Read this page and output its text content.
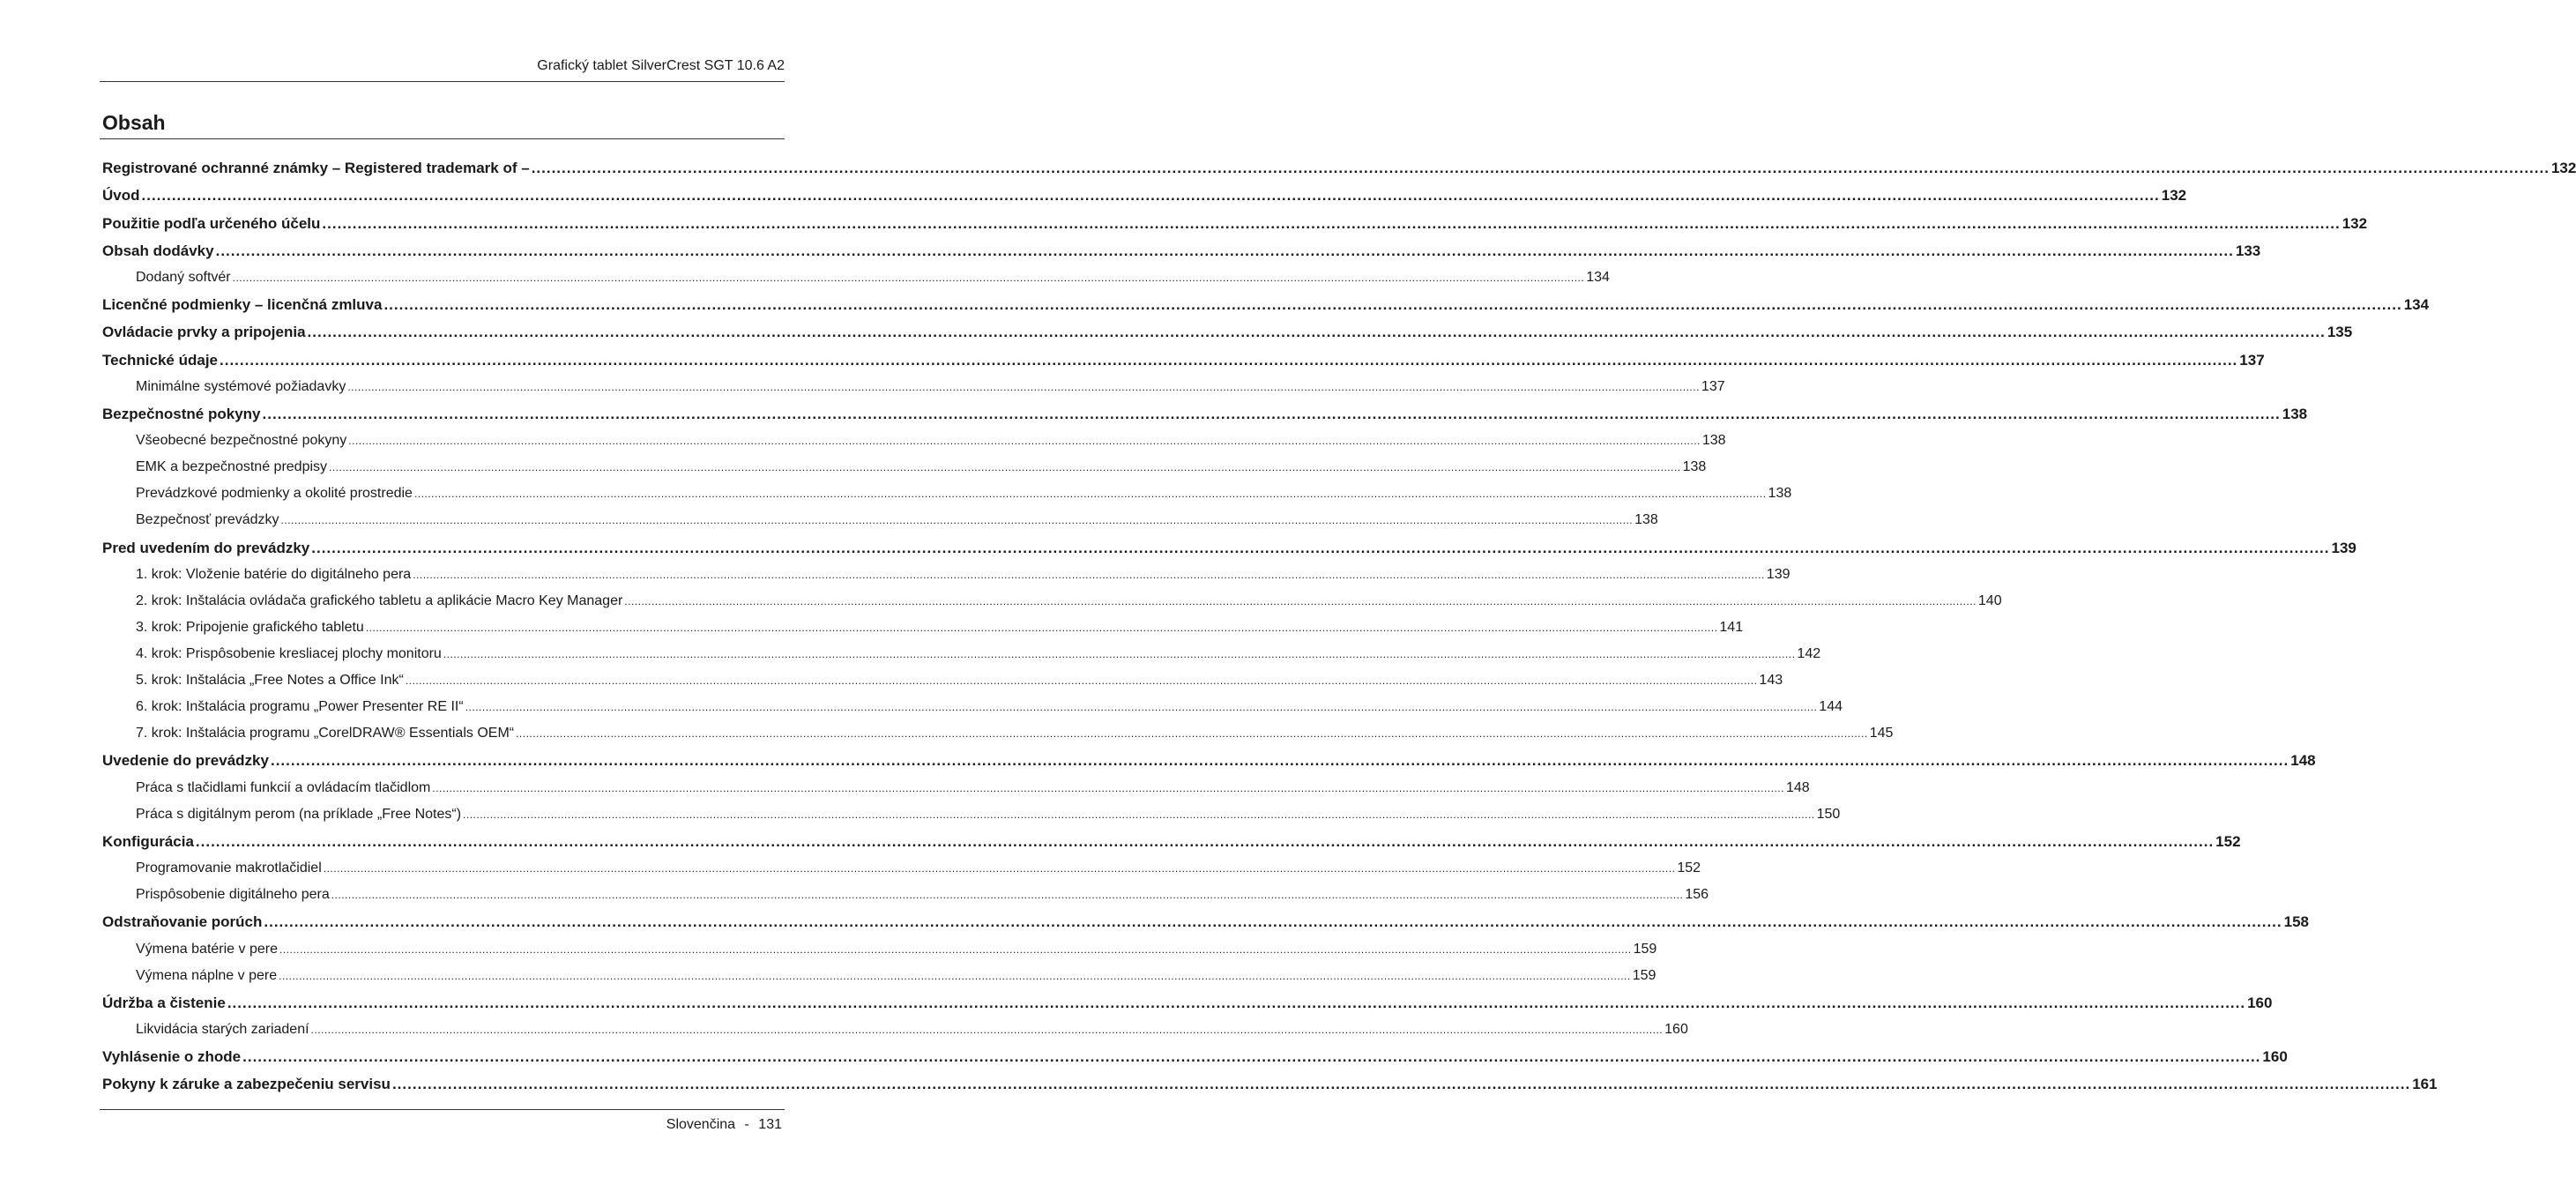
Grafický tablet SilverCrest SGT 10.6 A2
Obsah
Registrované ochranné známky – Registered trademark of – ................................................................................................................................................................................................................................................................................................................................................................................................................ 132
Úvod ................................................................................................................................................................................................................................................................................................................................................................................................................ 132
Použitie podľa určeného účelu ................................................................................................................................................................................................................................................................................................................................................................................................................ 132
Obsah dodávky ................................................................................................................................................................................................................................................................................................................................................................................................................ 133
Dodaný softvér ................................................................................................................................................................................................................................................................................................................................................................................................................ 134
Licenčné podmienky – licenčná zmluva ................................................................................................................................................................................................................................................................................................................................................................................................................ 134
Ovládacie prvky a pripojenia ................................................................................................................................................................................................................................................................................................................................................................................................................ 135
Technické údaje ................................................................................................................................................................................................................................................................................................................................................................................................................ 137
Minimálne systémové požiadavky ................................................................................................................................................................................................................................................................................................................................................................................................................ 137
Bezpečnostné pokyny ................................................................................................................................................................................................................................................................................................................................................................................................................ 138
Všeobecné bezpečnostné pokyny ................................................................................................................................................................................................................................................................................................................................................................................................................ 138
EMK a bezpečnostné predpisy ................................................................................................................................................................................................................................................................................................................................................................................................................ 138
Prevádzkové podmienky a okolité prostredie ................................................................................................................................................................................................................................................................................................................................................................................................................ 138
Bezpečnosť prevádzky ................................................................................................................................................................................................................................................................................................................................................................................................................ 138
Pred uvedením do prevádzky ................................................................................................................................................................................................................................................................................................................................................................................................................ 139
1. krok: Vloženie batérie do digitálneho pera ................................................................................................................................................................................................................................................................................................................................................................................................................ 139
2. krok: Inštalácia ovládača grafického tabletu a aplikácie Macro Key Manager ................................................................................................................................................................................................................................................................................................................................................................................................................ 140
3. krok: Pripojenie grafického tabletu ................................................................................................................................................................................................................................................................................................................................................................................................................ 141
4. krok: Prispôsobenie kresliacej plochy monitoru ................................................................................................................................................................................................................................................................................................................................................................................................................ 142
5. krok: Inštalácia „Free Notes a Office Ink“ ................................................................................................................................................................................................................................................................................................................................................................................................................ 143
6. krok: Inštalácia programu „Power Presenter RE II“ ................................................................................................................................................................................................................................................................................................................................................................................................................ 144
7. krok: Inštalácia programu „CorelDRAW® Essentials OEM“ ................................................................................................................................................................................................................................................................................................................................................................................................................ 145
Uvedenie do prevádzky ................................................................................................................................................................................................................................................................................................................................................................................................................ 148
Práca s tlačidlami funkcií a ovládacím tlačidlom ................................................................................................................................................................................................................................................................................................................................................................................................................ 148
Práca s digitálnym perom (na príklade „Free Notes“) ................................................................................................................................................................................................................................................................................................................................................................................................................ 150
Konfigurácia ................................................................................................................................................................................................................................................................................................................................................................................................................ 152
Programovanie makrotlačidiel ................................................................................................................................................................................................................................................................................................................................................................................................................ 152
Prispôsobenie digitálneho pera ................................................................................................................................................................................................................................................................................................................................................................................................................ 156
Odstraňovanie porúch ................................................................................................................................................................................................................................................................................................................................................................................................................ 158
Výmena batérie v pere ................................................................................................................................................................................................................................................................................................................................................................................................................ 159
Výmena náplne v pere ................................................................................................................................................................................................................................................................................................................................................................................................................ 159
Údržba a čistenie ................................................................................................................................................................................................................................................................................................................................................................................................................ 160
Likvidácia starých zariadení ................................................................................................................................................................................................................................................................................................................................................................................................................ 160
Vyhlásenie o zhode ................................................................................................................................................................................................................................................................................................................................................................................................................ 160
Pokyny k záruke a zabezpečeniu servisu ................................................................................................................................................................................................................................................................................................................................................................................................................ 161
Slovenčina - 131
